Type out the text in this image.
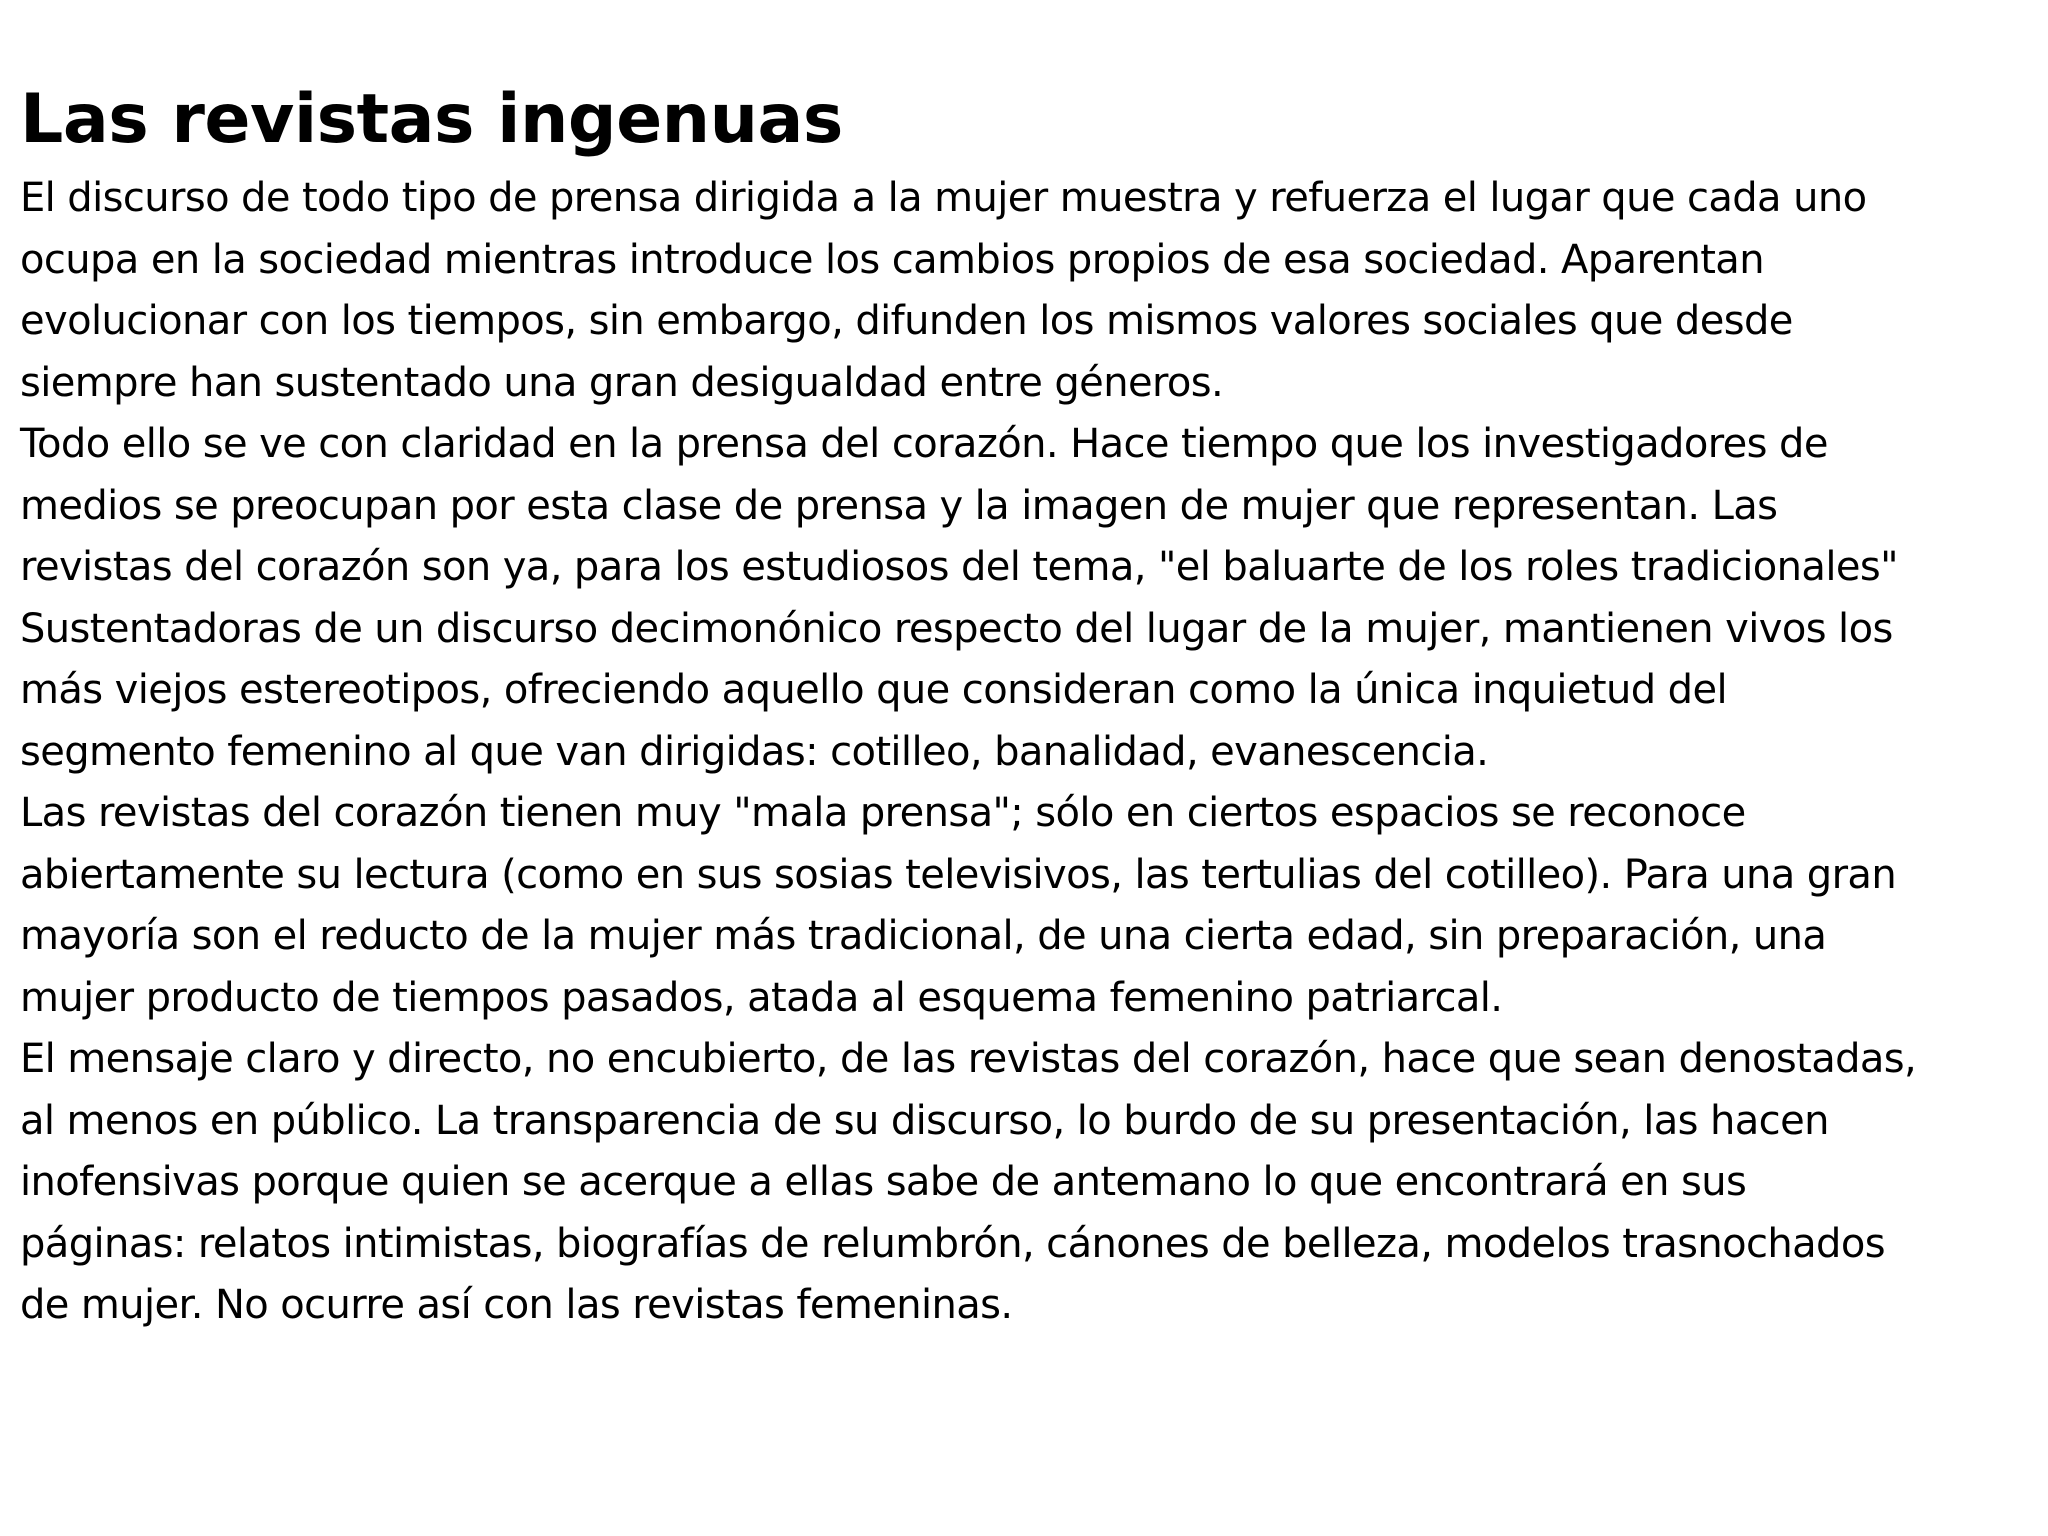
Las revistas ingenuas
El discurso de todo tipo de prensa dirigida a la mujer muestra y refuerza el lugar que cada uno
ocupa en la sociedad mientras introduce los cambios propios de esa sociedad. Aparentan
evolucionar con los tiempos, sin embargo, difunden los mismos valores sociales que desde
siempre han sustentado una gran desigualdad entre géneros.
Todo ello se ve con claridad en la prensa del corazón. Hace tiempo que los investigadores de
medios se preocupan por esta clase de prensa y la imagen de mujer que representan. Las
revistas del corazón son ya, para los estudiosos del tema, "el baluarte de los roles tradicionales"
Sustentadoras de un discurso decimonónico respecto del lugar de la mujer, mantienen vivos los
más viejos estereotipos, ofreciendo aquello que consideran como la única inquietud del
segmento femenino al que van dirigidas: cotilleo, banalidad, evanescencia.
Las revistas del corazón tienen muy "mala prensa"; sólo en ciertos espacios se reconoce
abiertamente su lectura (como en sus sosias televisivos, las tertulias del cotilleo). Para una gran
mayoría son el reducto de la mujer más tradicional, de una cierta edad, sin preparación, una
mujer producto de tiempos pasados, atada al esquema femenino patriarcal.
El mensaje claro y directo, no encubierto, de las revistas del corazón, hace que sean denostadas,
al menos en público. La transparencia de su discurso, lo burdo de su presentación, las hacen
inofensivas porque quien se acerque a ellas sabe de antemano lo que encontrará en sus
páginas: relatos intimistas, biografías de relumbrón, cánones de belleza, modelos trasnochados
de mujer. No ocurre así con las revistas femeninas.
